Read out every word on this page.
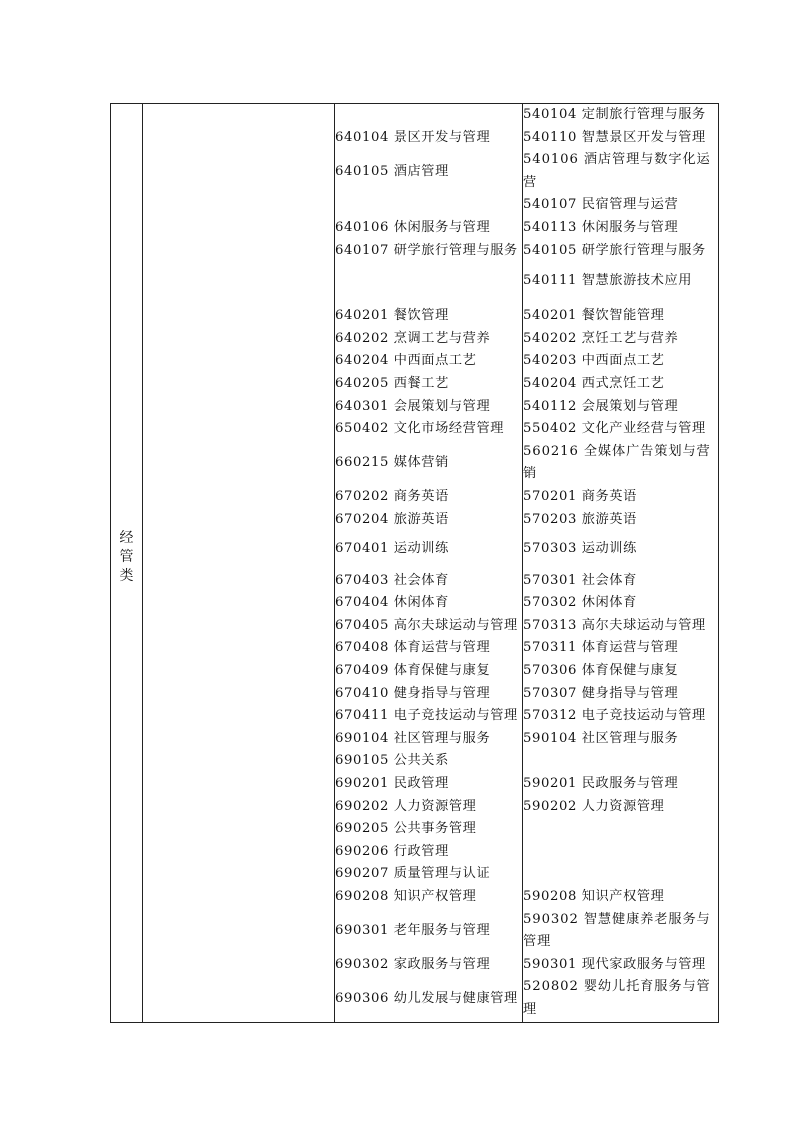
经
管
类
640104 景区开发与管理
640105 酒店管理
640106 休闲服务与管理
640107 研学旅行管理与服务
640201 餐饮管理
640202 烹调工艺与营养
640204 中西面点工艺
640205 西餐工艺
640301 会展策划与管理
650402 文化市场经营管理
660215 媒体营销
670202 商务英语
670204 旅游英语
670401 运动训练
670403 社会体育
670404 休闲体育
670405 高尔夫球运动与管理
670408 体育运营与管理
670409 体育保健与康复
670410 健身指导与管理
670411 电子竞技运动与管理
690104 社区管理与服务
690105 公共关系
690201 民政管理
690202 人力资源管理
690205 公共事务管理
690206 行政管理
690207 质量管理与认证
690208 知识产权管理
690301 老年服务与管理
690302 家政服务与管理
690306 幼儿发展与健康管理
540104 定制旅行管理与服务
540110 智慧景区开发与管理
540106 酒店管理与数字化运营
540107 民宿管理与运营
540113 休闲服务与管理
540105 研学旅行管理与服务
540111 智慧旅游技术应用
540201 餐饮智能管理
540202 烹饪工艺与营养
540203 中西面点工艺
540204 西式烹饪工艺
540112 会展策划与管理
550402 文化产业经营与管理
560216 全媒体广告策划与营销
570201 商务英语
570203 旅游英语
570303 运动训练
570301 社会体育
570302 休闲体育
570313 高尔夫球运动与管理
570311 体育运营与管理
570306 体育保健与康复
570307 健身指导与管理
570312 电子竞技运动与管理
590104 社区管理与服务
590201 民政服务与管理
590202 人力资源管理
590208 知识产权管理
590302 智慧健康养老服务与管理
590301 现代家政服务与管理
520802 婴幼儿托育服务与管理
